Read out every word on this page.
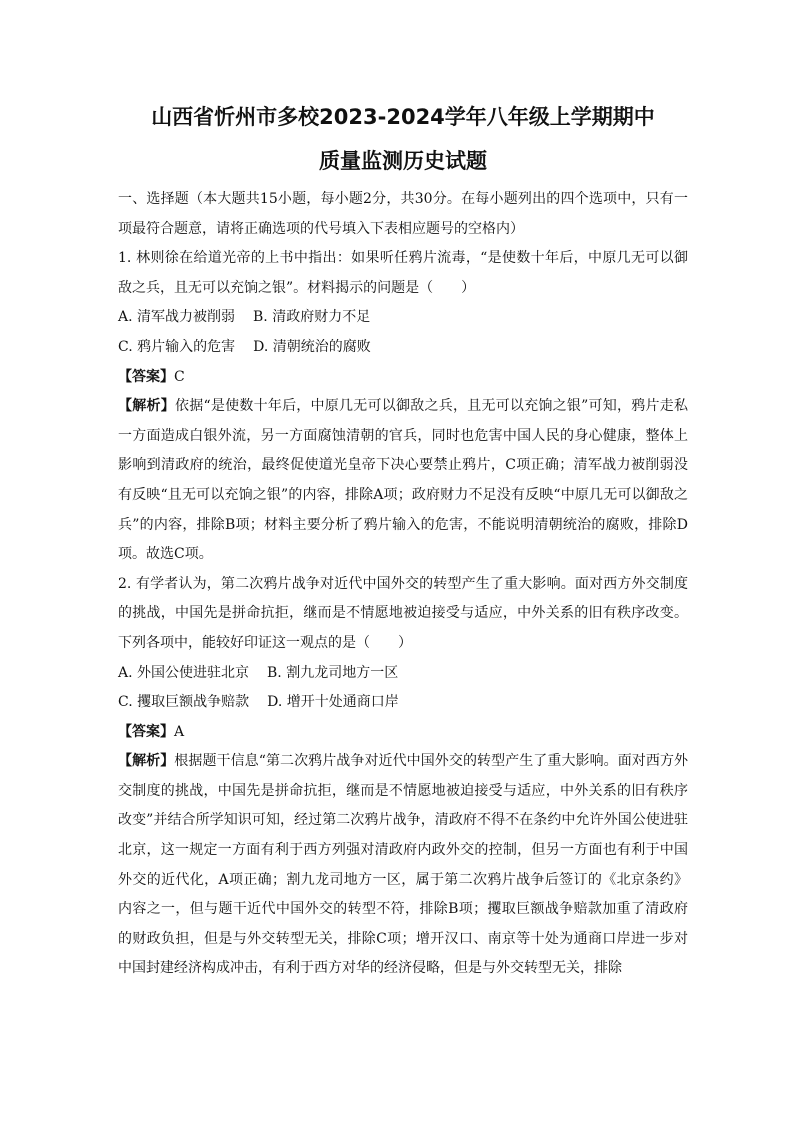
山西省忻州市多校2023-2024学年八年级上学期期中
质量监测历史试题

一、选择题（本大题共15小题，每小题2分，共30分。在每小题列出的四个选项中，只有一项最符合题意，请将正确选项的代号填入下表相应题号的空格内）

1. 林则徐在给道光帝的上书中指出：如果听任鸦片流毒，“是使数十年后，中原几无可以御敌之兵，且无可以充饷之银”。材料揭示的问题是（　　）

A. 清军战力被削弱 B. 清政府财力不足

C. 鸦片输入的危害 D. 清朝统治的腐败

【答案】C

【解析】依据“是使数十年后，中原几无可以御敌之兵，且无可以充饷之银”可知，鸦片走私一方面造成白银外流，另一方面腐蚀清朝的官兵，同时也危害中国人民的身心健康，整体上影响到清政府的统治，最终促使道光皇帝下决心要禁止鸦片，C项正确；清军战力被削弱没有反映“且无可以充饷之银”的内容，排除A项；政府财力不足没有反映“中原几无可以御敌之兵”的内容，排除B项；材料主要分析了鸦片输入的危害，不能说明清朝统治的腐败，排除D项。故选C项。

2. 有学者认为，第二次鸦片战争对近代中国外交的转型产生了重大影响。面对西方外交制度的挑战，中国先是拼命抗拒，继而是不情愿地被迫接受与适应，中外关系的旧有秩序改变。下列各项中，能较好印证这一观点的是（　　）

A. 外国公使进驻北京 B. 割九龙司地方一区

C. 攫取巨额战争赔款 D. 增开十处通商口岸

【答案】A

【解析】根据题干信息“第二次鸦片战争对近代中国外交的转型产生了重大影响。面对西方外交制度的挑战，中国先是拼命抗拒，继而是不情愿地被迫接受与适应，中外关系的旧有秩序改变”并结合所学知识可知，经过第二次鸦片战争，清政府不得不在条约中允许外国公使进驻北京，这一规定一方面有利于西方列强对清政府内政外交的控制，但另一方面也有利于中国外交的近代化，A项正确；割九龙司地方一区，属于第二次鸦片战争后签订的《北京条约》内容之一，但与题干近代中国外交的转型不符，排除B项；攫取巨额战争赔款加重了清政府的财政负担，但是与外交转型无关，排除C项；增开汉口、南京等十处为通商口岸进一步对中国封建经济构成冲击，有利于西方对华的经济侵略，但是与外交转型无关，排除
